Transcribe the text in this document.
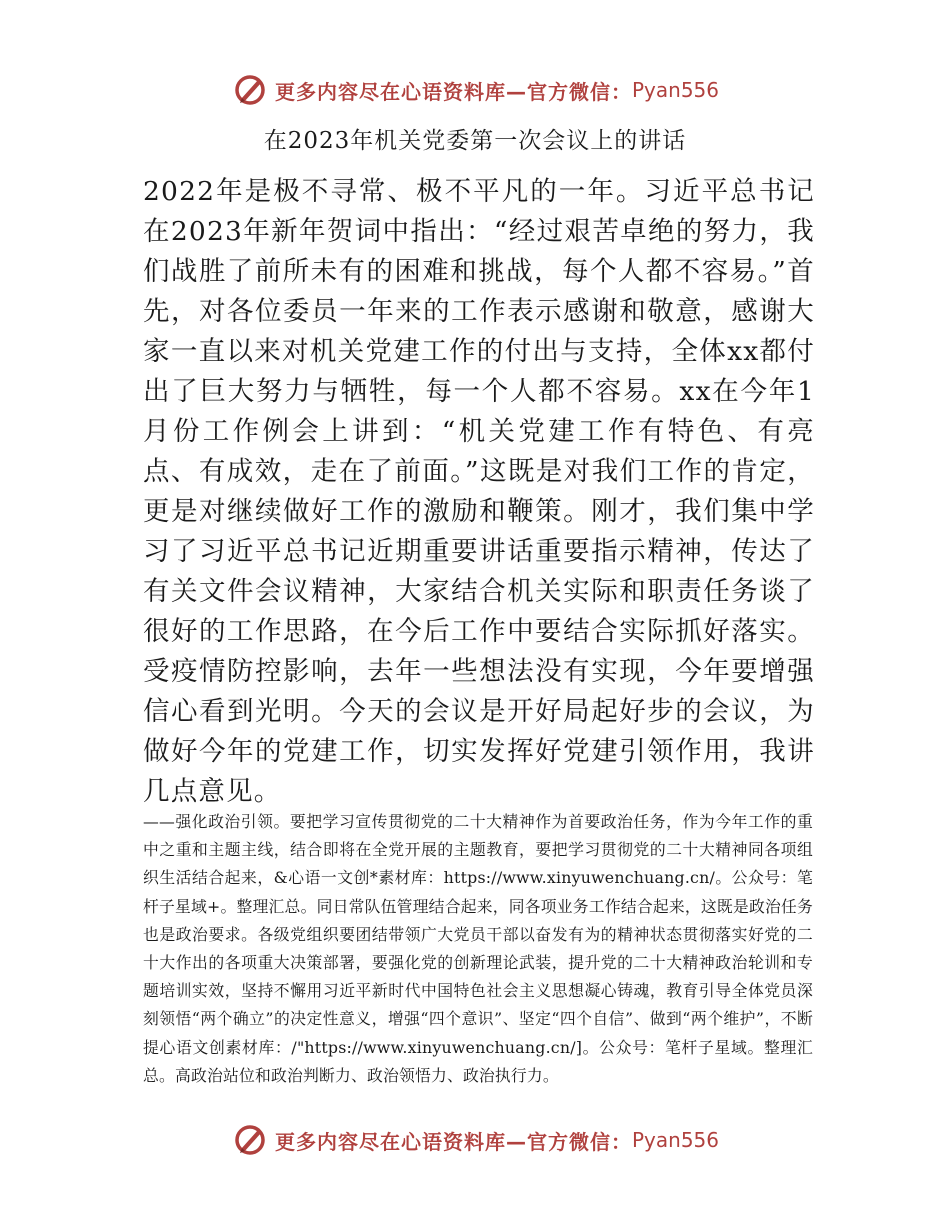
更多内容尽在心语资料库—官方微信： Pyan556
在2023年机关党委第一次会议上的讲话

2022年是极不寻常、极不平凡的一年。习近平总书记在2023年新年贺词中指出：“经过艰苦卓绝的努力，我们战胜了前所未有的困难和挑战，每个人都不容易。”首先，对各位委员一年来的工作表示感谢和敬意，感谢大家一直以来对机关党建工作的付出与支持，全体xx都付出了巨大努力与牺牲，每一个人都不容易。xx在今年1月份工作例会上讲到：“机关党建工作有特色、有亮点、有成效，走在了前面。”这既是对我们工作的肯定，更是对继续做好工作的激励和鞭策。刚才，我们集中学习了习近平总书记近期重要讲话重要指示精神，传达了有关文件会议精神，大家结合机关实际和职责任务谈了很好的工作思路，在今后工作中要结合实际抓好落实。受疫情防控影响，去年一些想法没有实现，今年要增强信心看到光明。今天的会议是开好局起好步的会议，为做好今年的党建工作，切实发挥好党建引领作用，我讲几点意见。

——强化政治引领。要把学习宣传贯彻党的二十大精神作为首要政治任务，作为今年工作的重中之重和主题主线，结合即将在全党开展的主题教育，要把学习贯彻党的二十大精神同各项组织生活结合起来，&心语一文创*素材库：https://www.xinyuwenchuang.cn/。公众号：笔杆子星域+。整理汇总。同日常队伍管理结合起来，同各项业务工作结合起来，这既是政治任务也是政治要求。各级党组织要团结带领广大党员干部以奋发有为的精神状态贯彻落实好党的二十大作出的各项重大决策部署，要强化党的创新理论武装，提升党的二十大精神政治轮训和专题培训实效，坚持不懈用习近平新时代中国特色社会主义思想凝心铸魂，教育引导全体党员深刻领悟“两个确立”的决定性意义，增强“四个意识”、坚定“四个自信”、做到“两个维护”，不断提心语文创素材库：/"https://www.xinyuwenchuang.cn/]。公众号：笔杆子星域。整理汇总。高政治站位和政治判断力、政治领悟力、政治执行力。

更多内容尽在心语资料库—官方微信： Pyan556
